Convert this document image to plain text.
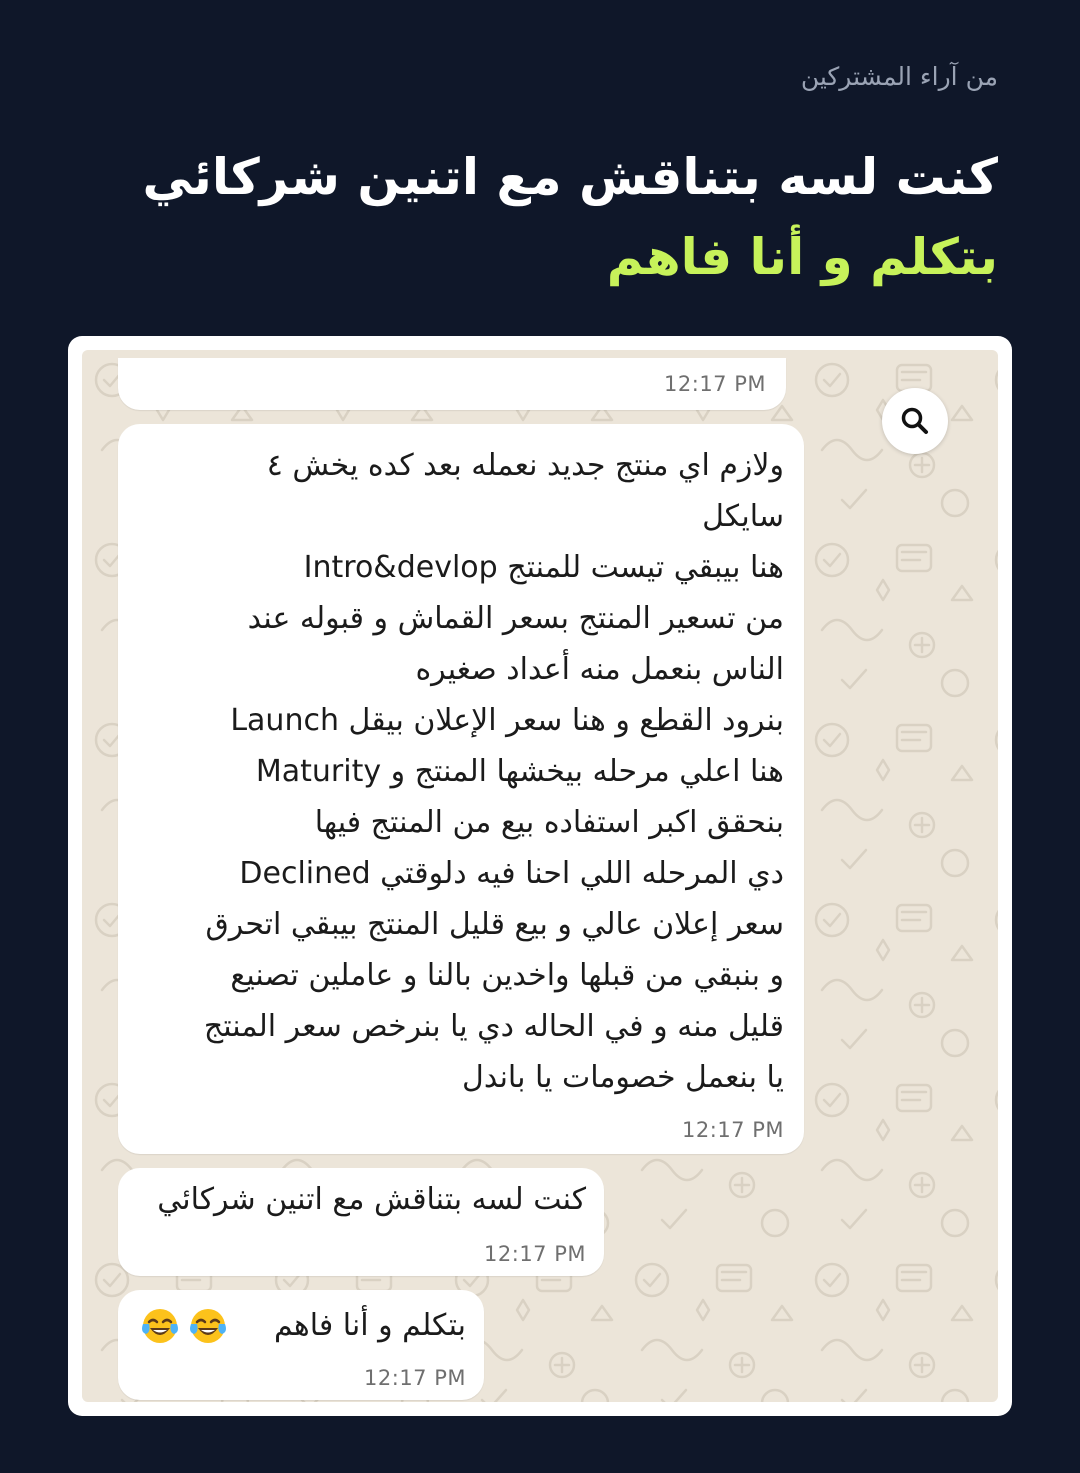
من آراء المشتركين
كنت لسه بتناقش مع اتنين شركائي
بتكلم و أنا فاهم
12:17 PM
ولازم اي منتج جديد نعمله بعد كده يخش ٤
سايكل
هنا بيبقي تيست للمنتج Intro&devlop
من تسعير المنتج بسعر القماش و قبوله عند
الناس بنعمل منه أعداد صغيره
بنرود القطع و هنا سعر الإعلان بيقل Launch
هنا اعلي مرحله بيخشها المنتج و Maturity
بنحقق اكبر استفاده بيع من المنتج فيها
دي المرحله اللي احنا فيه دلوقتي Declined
سعر إعلان عالي و بيع قليل المنتج بيبقي اتحرق
و بنبقي من قبلها واخدين بالنا و عاملين تصنيع
قليل منه و في الحاله دي يا بنرخص سعر المنتج
يا بنعمل خصومات يا باندل
12:17 PM
كنت لسه بتناقش مع اتنين شركائي
12:17 PM
بتكلم و أنا فاهم
12:17 PM
